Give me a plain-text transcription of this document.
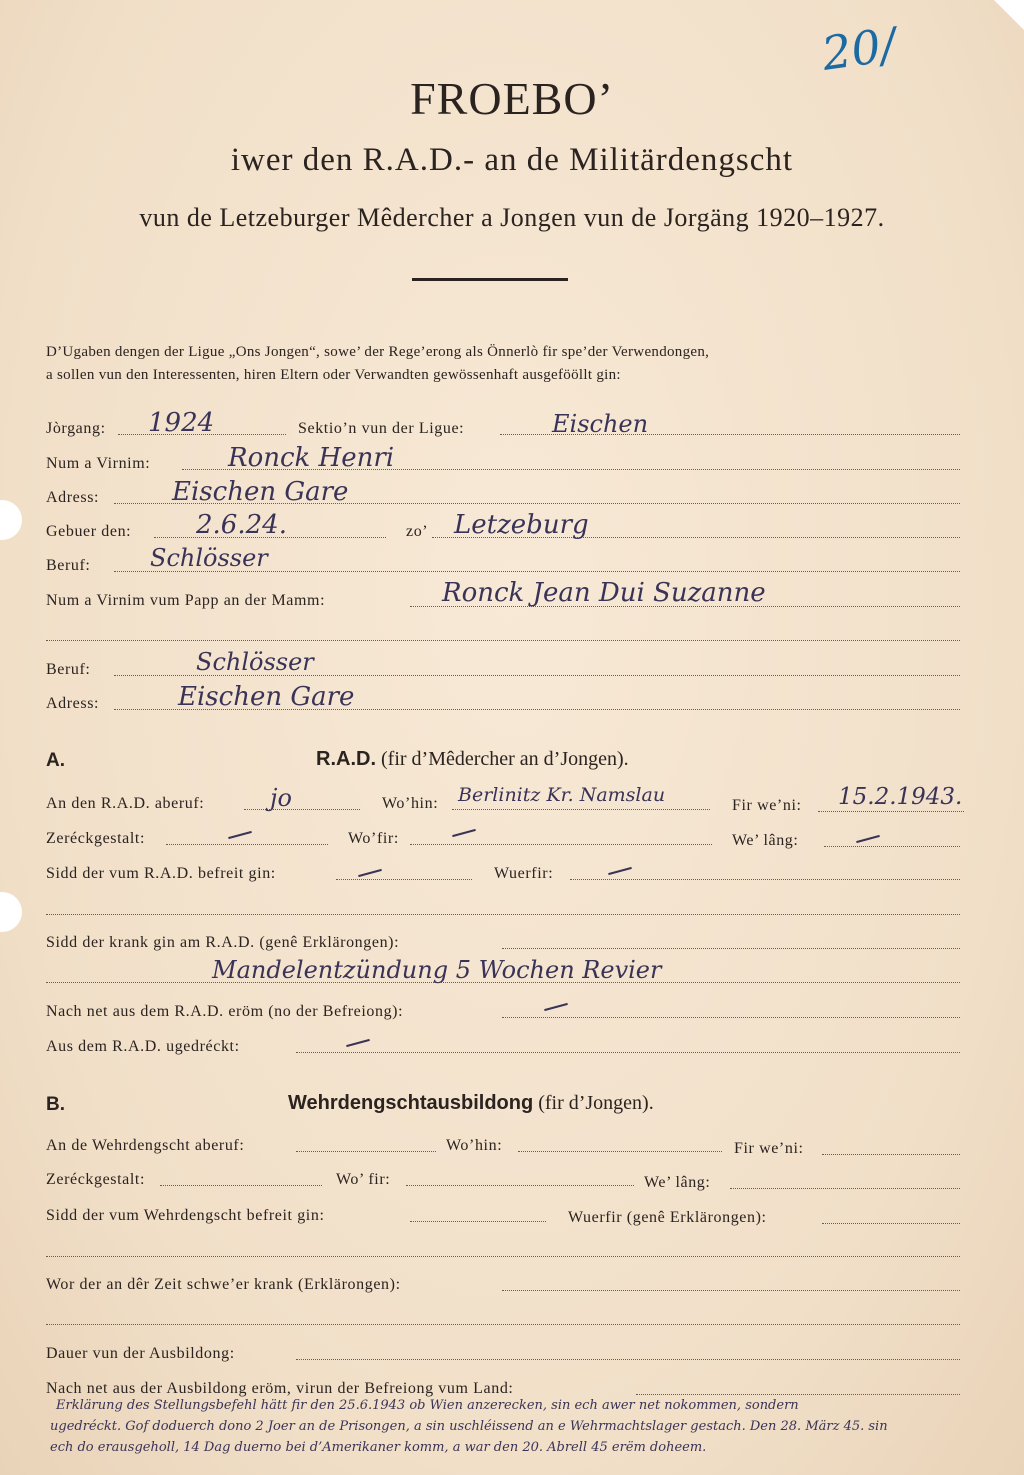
20/
FROEBO’
iwer den R.A.D.- an de Militärdengscht
vun de Letzeburger Mêdercher a Jongen vun de Jorgäng 1920–1927.
D’Ugaben dengen der Ligue „Ons Jongen“, sowe’ der Rege’erong als Önnerlò fir spe’der Verwendongen,
a sollen vun den Interessenten, hiren Eltern oder Verwandten gewössenhaft ausgefööllt gin:
Jòrgang: 1924	Sektio’n vun der Ligue:	Eischen
Num a Virnim:	Ronck Henri
Adress:	Eischen Gare
Gebuer den: 2.6.24.	zo’ Letzeburg
Beruf: Schlösser
Num a Virnim vum Papp an der Mamm:	Ronck Jean Dui Suzanne
Beruf:	Schlösser
Adress:	Eischen Gare
A.	R.A.D. (fir d’Mêdercher an d’Jongen).
An den R.A.D. aberuf:	jo	Wo’hin: Berlinitz Kr. Namslau	Fir we’ni: 15.2.1943.
Zeréckgestalt:	Wo’fir:	We’ lâng:
Sidd der vum R.A.D. befreit gin:	Wuerfir:
Sidd der krank gin am R.A.D. (genê Erklärongen):
Mandelentzündung 5 Wochen Revier
Nach net aus dem R.A.D. eröm (no der Befreiong):
Aus dem R.A.D. ugedréckt:
B.	Wehrdengschtausbildong (fir d’Jongen).
An de Wehrdengscht aberuf:	Wo’hin:	Fir we’ni:
Zeréckgestalt:	Wo’ fir:	We’ lâng:
Sidd der vum Wehrdengscht befreit gin:	Wuerfir (genê Erklärongen):
Wor der an dêr Zeit schwe’er krank (Erklärongen):
Dauer vun der Ausbildong:
Nach net aus der Ausbildong eröm, virun der Befreiong vum Land:
Erklärung des Stellungsbefehl hätt fir den 25.6.1943 ob Wien anzerecken, sin ech awer net nokommen, sondern
ugedréckt. Gof doduerch dono 2 Joer an de Prisongen, a sin uschléissend an e Wehrmachtslager gestach. Den 28. März 45. sin
ech do erausgeholl, 14 Dag duerno bei d’Amerikaner komm, a war den 20. Abrell 45 erëm doheem.
